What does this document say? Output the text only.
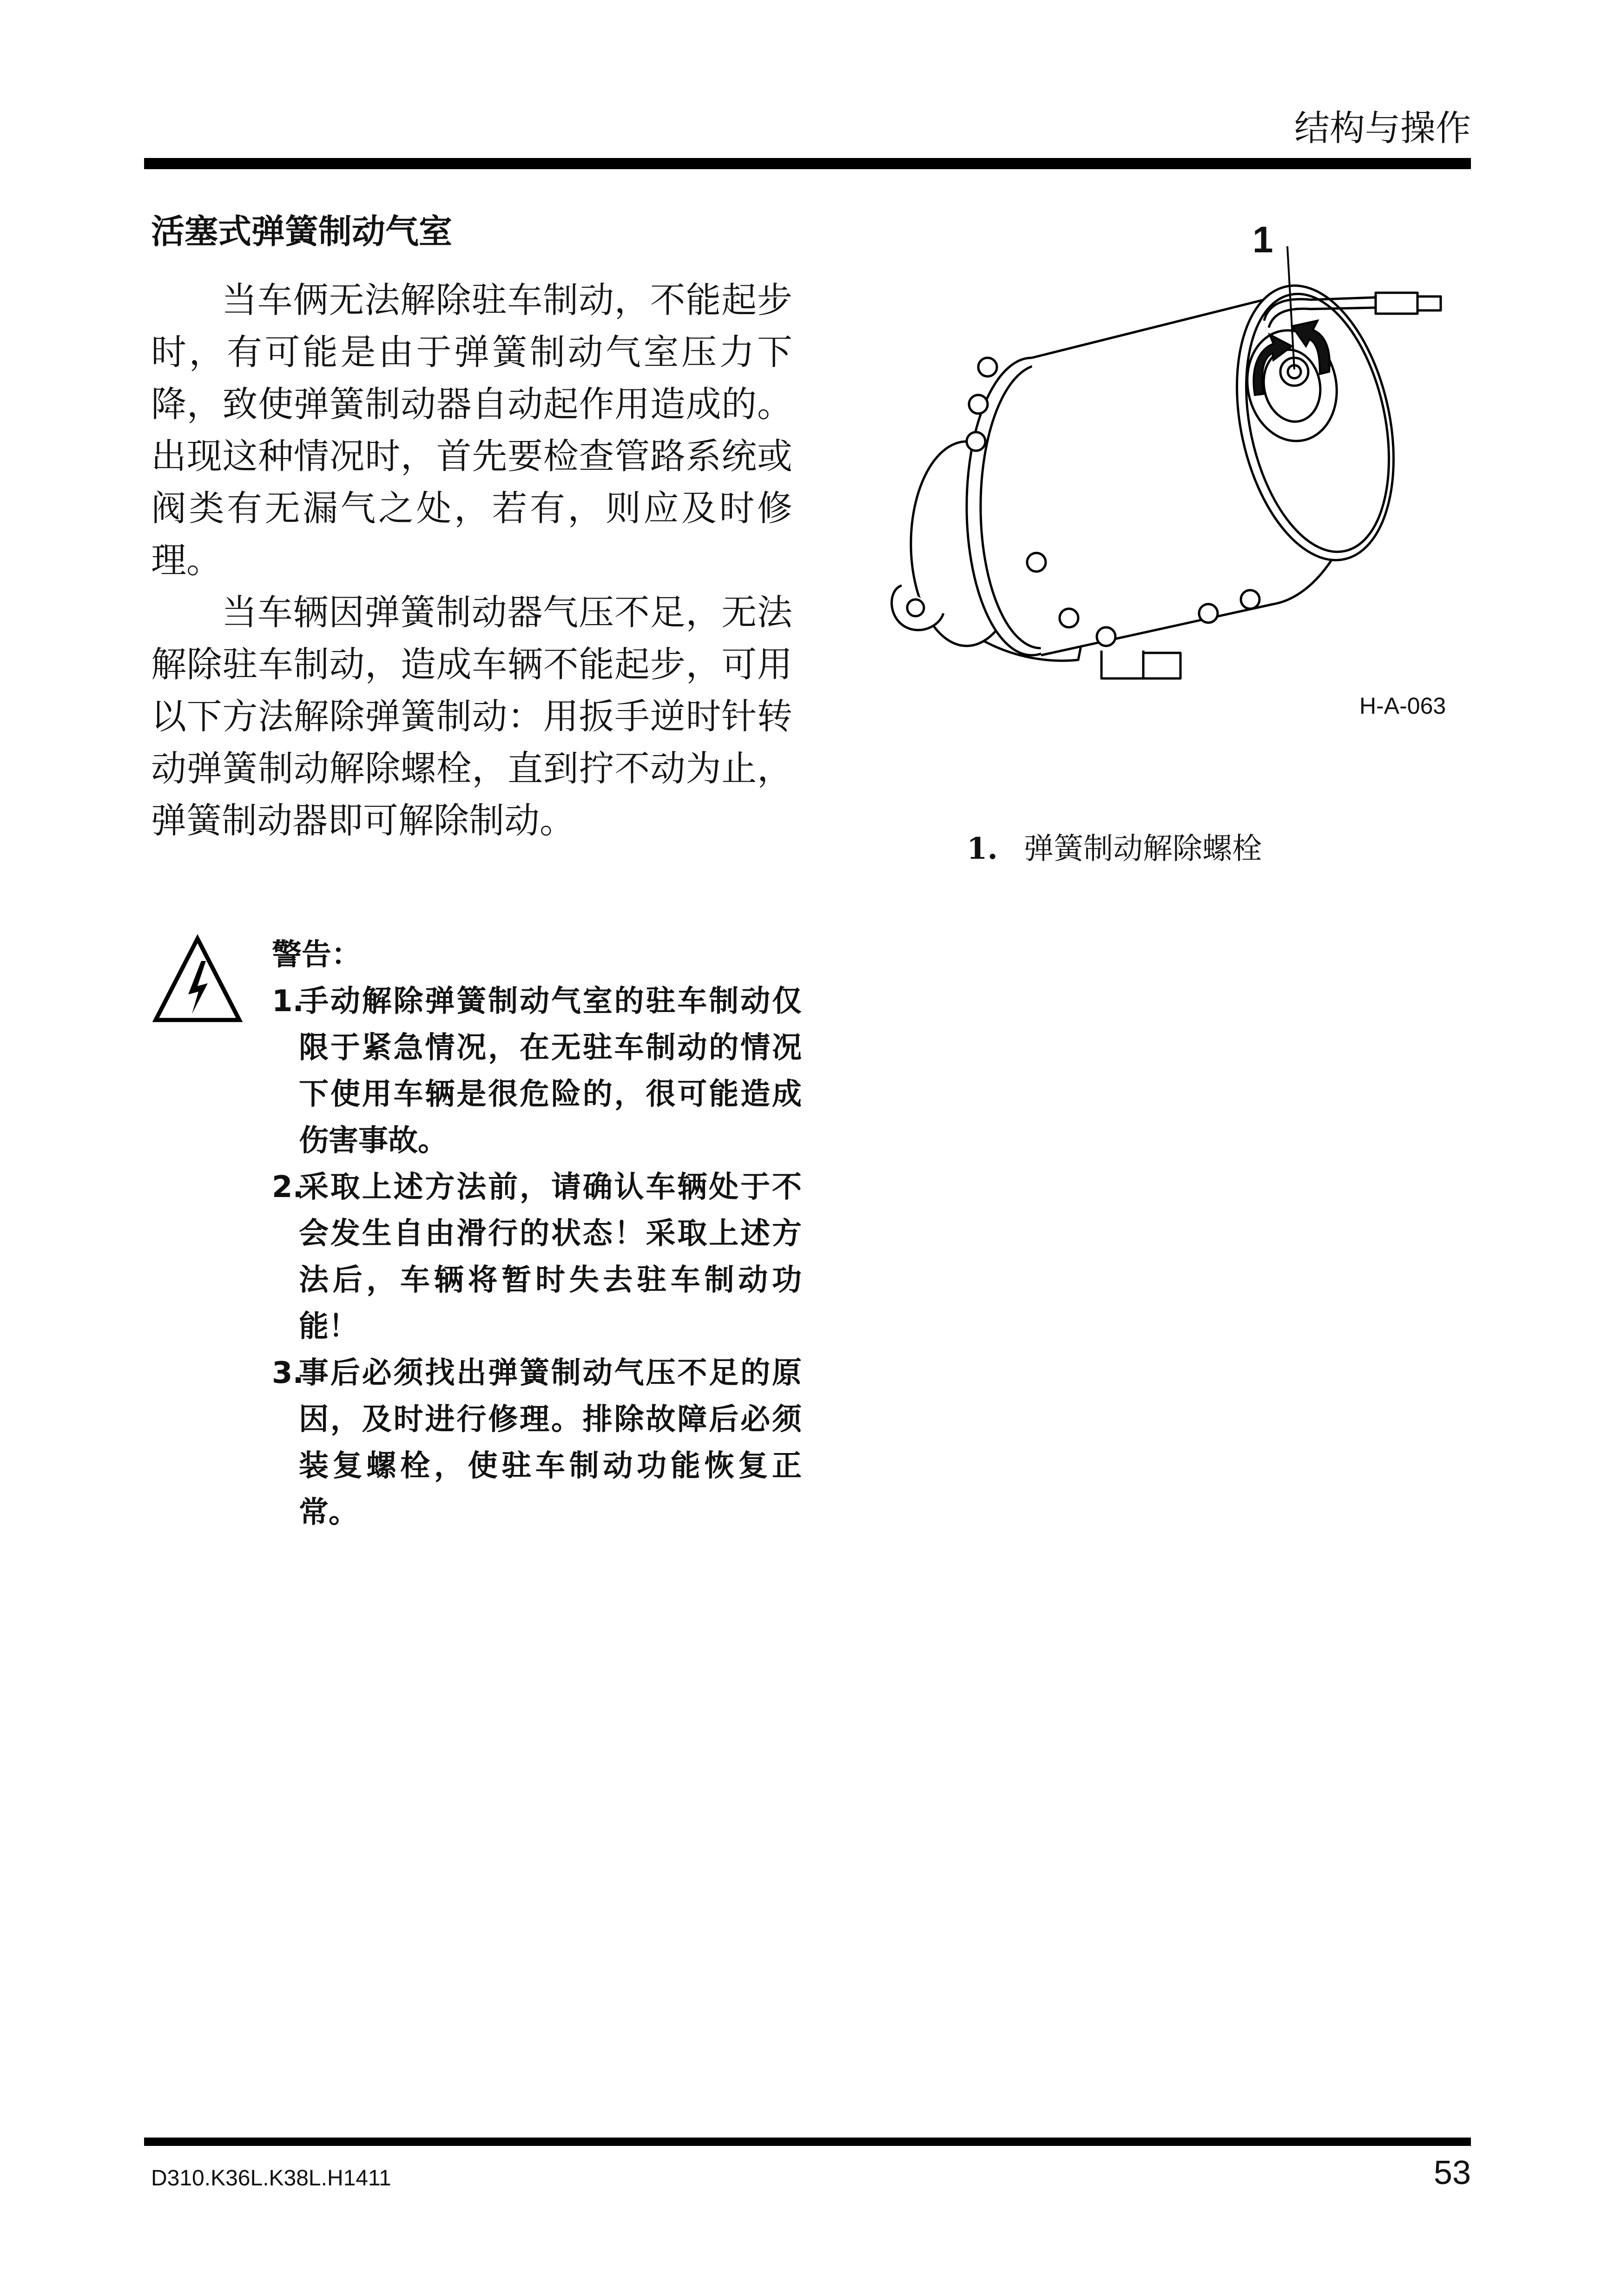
结构与操作
活塞式弹簧制动气室

当车俩无法解除驻车制动，不能起步时，有可能是由于弹簧制动气室压力下降，致使弹簧制动器自动起作用造成的。出现这种情况时，首先要检查管路系统或阀类有无漏气之处，若有，则应及时修理。

当车辆因弹簧制动器气压不足，无法解除驻车制动，造成车辆不能起步，可用以下方法解除弹簧制动：用扳手逆时针转动弹簧制动解除螺栓，直到拧不动为止，弹簧制动器即可解除制动。

警告：

1.
手动解除弹簧制动气室的驻车制动仅限于紧急情况，在无驻车制动的情况下使用车辆是很危险的，很可能造成伤害事故。
2.
采取上述方法前，请确认车辆处于不会发生自由滑行的状态！采取上述方法后，车辆将暂时失去驻车制动功能！
3.
事后必须找出弹簧制动气压不足的原因，及时进行修理。排除故障后必须装复螺栓，使驻车制动功能恢复正常。
1
H-A-063
1. 弹簧制动解除螺栓
D310.K36L.K38L.H1411	53
